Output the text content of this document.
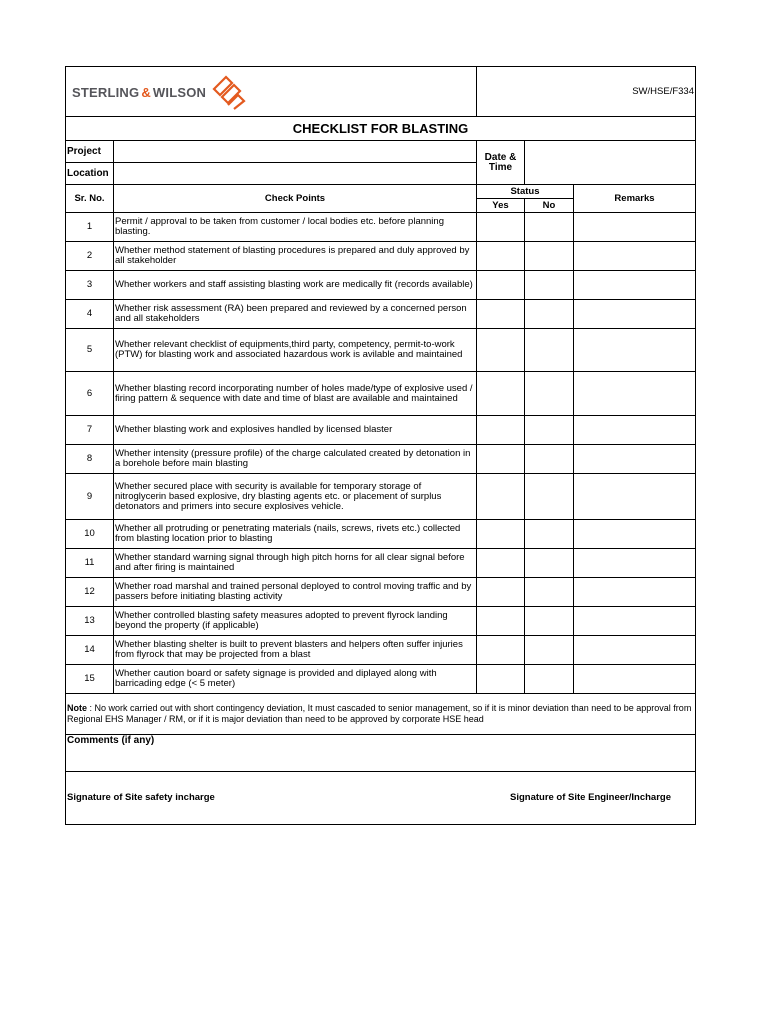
STERLING & WILSON		SW/HSE/F334		
CHECKLIST FOR BLASTING				
Project		Date & Time		
Location				
Sr. No.	Check Points	Status		Remarks
		Yes	No	
1	Permit / approval to be taken from customer / local bodies etc. before planning blasting.			
2	Whether method statement of blasting procedures is prepared and duly approved by all stakeholder			
3	Whether workers and staff assisting blasting work are medically fit (records available)			
4	Whether risk assessment (RA) been prepared and reviewed by a concerned person and all stakeholders			
5	Whether relevant checklist of equipments,third party, competency, permit-to-work (PTW) for blasting work and associated hazardous work is avilable and maintained			
6	Whether blasting record incorporating number of holes made/type of explosive used / firing pattern & sequence with date and time of blast are available and maintained			
7	Whether blasting work and explosives handled by licensed blaster			
8	Whether intensity (pressure profile) of the charge calculated created by detonation in a borehole before main blasting			
9	Whether secured place with security is available for temporary storage of nitroglycerin based explosive, dry blasting agents etc. or placement of surplus detonators and primers into secure explosives vehicle.			
10	Whether all protruding or penetrating materials (nails, screws, rivets etc.) collected from blasting location prior to blasting			
11	Whether standard warning signal through high pitch horns for all clear signal before and after firing is maintained			
12	Whether road marshal and trained personal deployed to control moving traffic and by passers before initiating blasting activity			
13	Whether controlled blasting safety measures adopted to prevent flyrock landing beyond the property (if applicable)			
14	Whether blasting shelter is built to prevent blasters and helpers often suffer injuries from flyrock that may be projected from a blast			
15	Whether caution board or safety signage is provided and diplayed along with barricading edge (< 5 meter)			
Note : No work carried out with short contingency deviation, It must cascaded to senior management, so if it is minor deviation than need to be approval from Regional EHS Manager / RM, or if it is major deviation than need to be approved by corporate HSE head				
Comments (if any)				
Signature of Site safety incharge		Signature of Site Engineer/Incharge		
